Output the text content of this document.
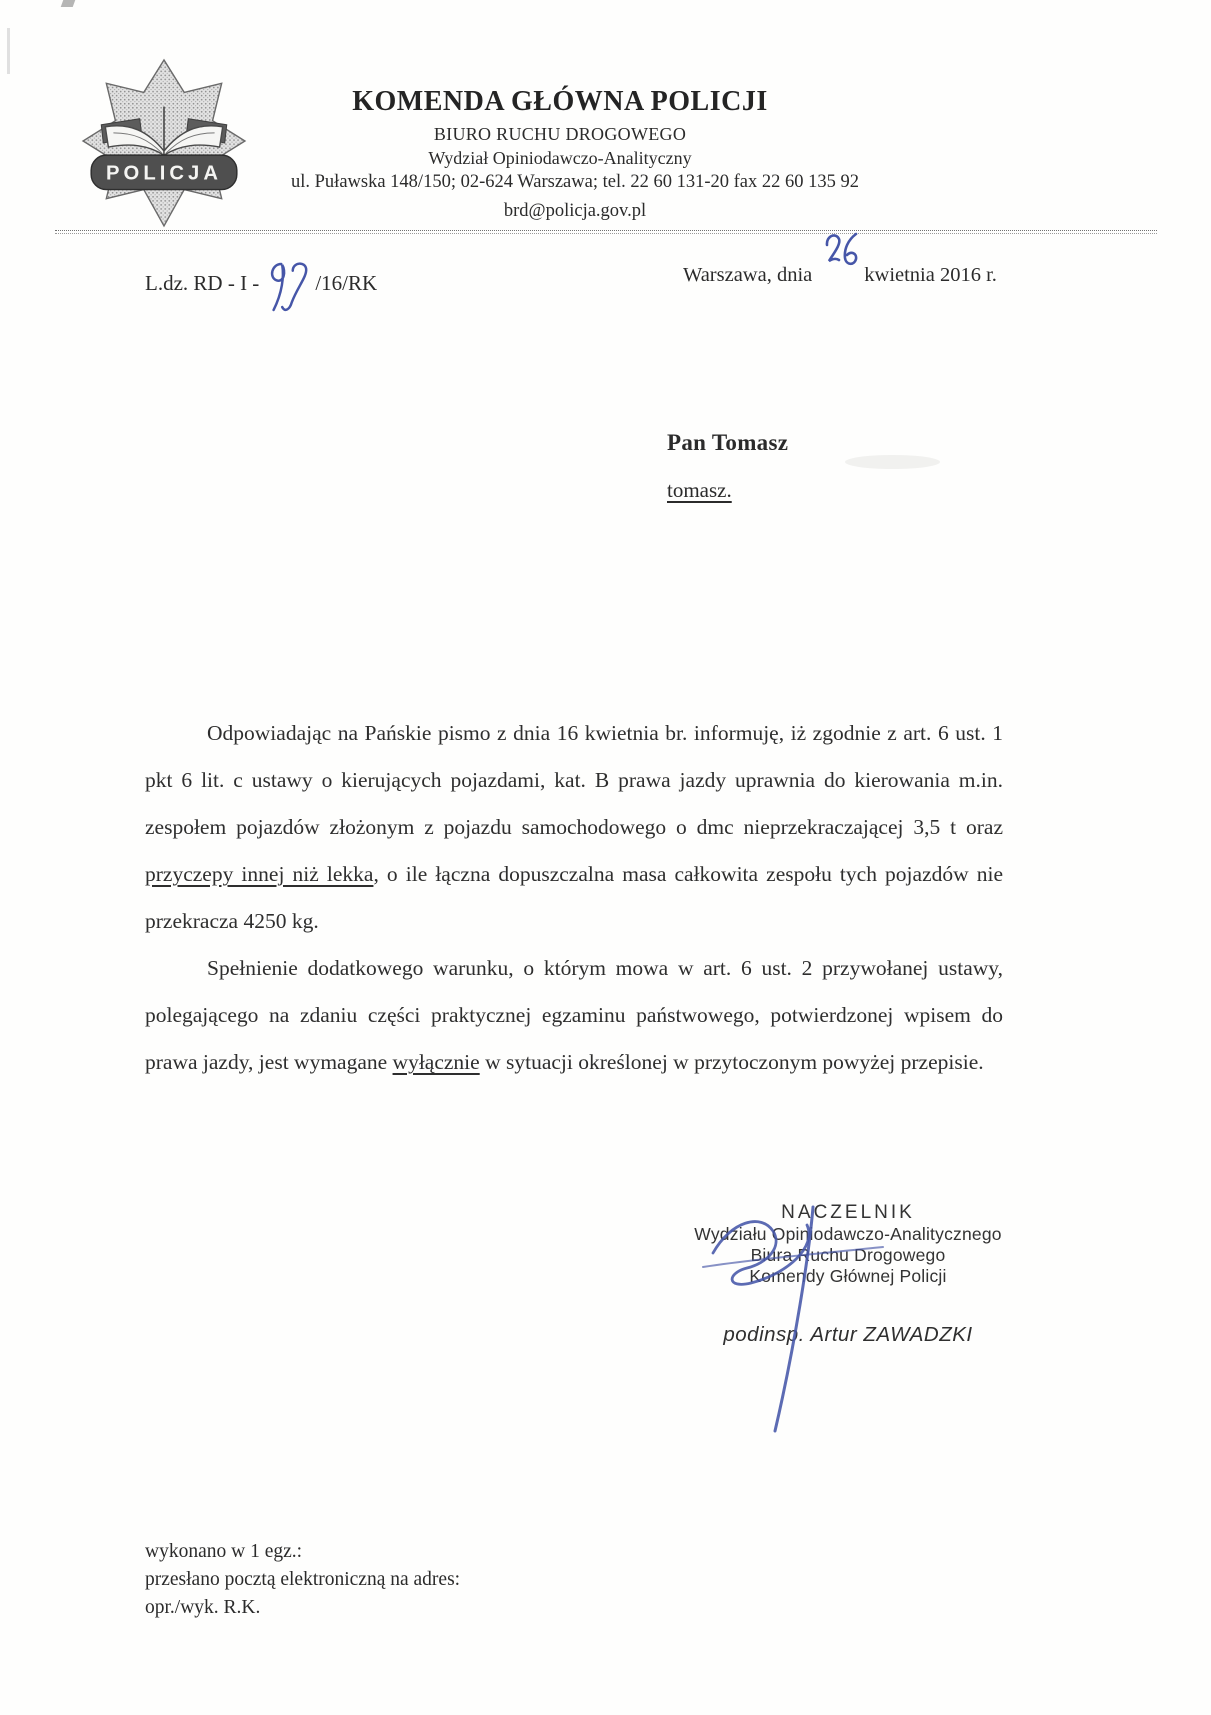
POLICJA
KOMENDA GŁÓWNA POLICJI
BIURO RUCHU DROGOWEGO
Wydział Opiniodawczo-Analityczny
ul. Puławska 148/150; 02-624 Warszawa; tel. 22 60 131-20 fax 22 60 135 92
brd@policja.gov.pl
Warszawa, dnia	kwietnia 2016 r.
L.dz. RD - I -	/16/RK
Pan Tomasz
tomasz.

Odpowiadając na Pańskie pismo z dnia 16 kwietnia br. informuję, iż zgodnie z art. 6 ust. 1 pkt 6 lit. c ustawy o kierujących pojazdami, kat. B prawa jazdy uprawnia do kierowania m.in. zespołem pojazdów złożonym z pojazdu samochodowego o dmc nieprzekraczającej 3,5 t oraz przyczepy innej niż lekka, o ile łączna dopuszczalna masa całkowita zespołu tych pojazdów nie przekracza 4250 kg.

Spełnienie dodatkowego warunku, o którym mowa w art. 6 ust. 2 przywołanej ustawy, polegającego na zdaniu części praktycznej egzaminu państwowego, potwierdzonej wpisem do prawa jazdy, jest wymagane wyłącznie w sytuacji określonej w przytoczonym powyżej przepisie.

NACZELNIK
Wydziału Opiniodawczo-Analitycznego
Biura Ruchu Drogowego
Komendy Głównej Policji
podinsp. Artur ZAWADZKI
wykonano w 1 egz.:
przesłano pocztą elektroniczną na adres:
opr./wyk. R.K.
